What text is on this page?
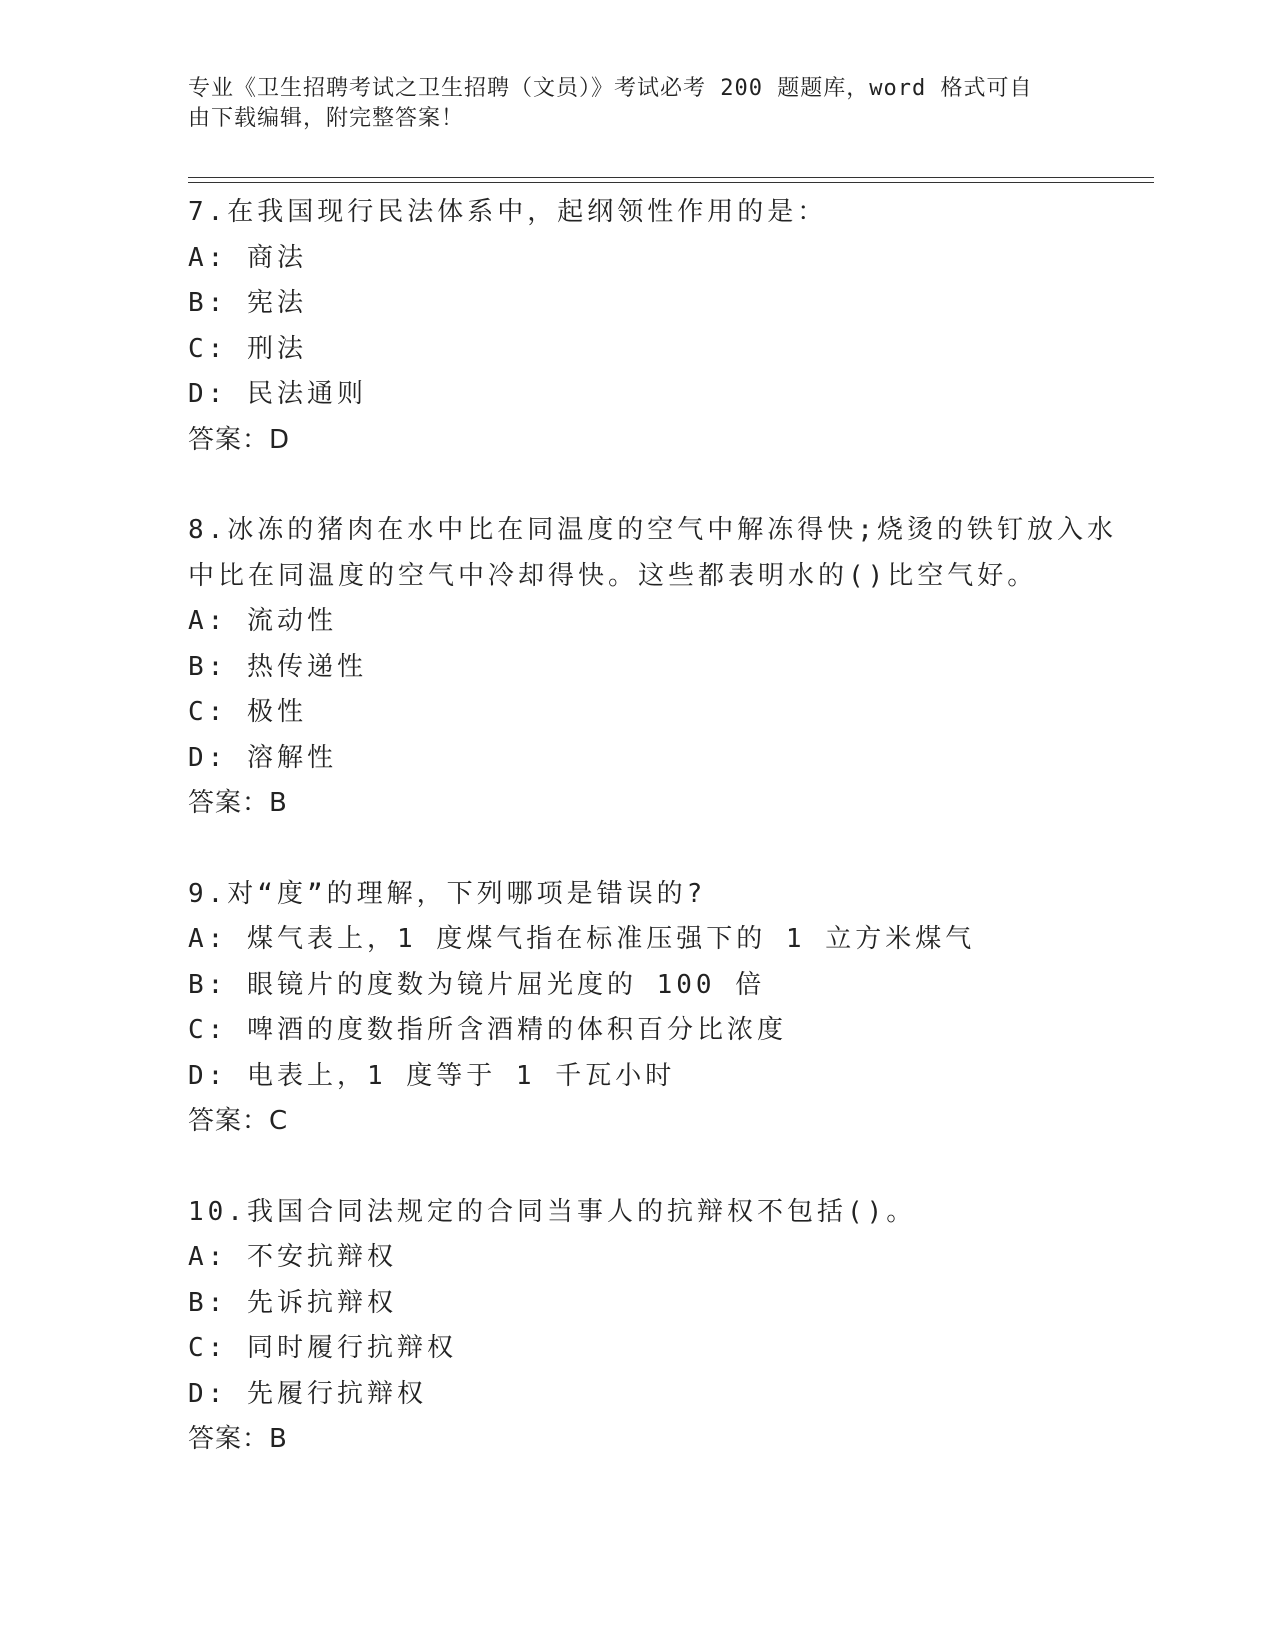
专业《卫生招聘考试之卫生招聘（文员）》考试必考 200 题题库，word 格式可自
由下载编辑，附完整答案！
7.在我国现行民法体系中，起纲领性作用的是：
A: 商法
B: 宪法
C: 刑法
D: 民法通则
答案：D
8.冰冻的猪肉在水中比在同温度的空气中解冻得快;烧烫的铁钉放入水
中比在同温度的空气中冷却得快。这些都表明水的()比空气好。
A: 流动性
B: 热传递性
C: 极性
D: 溶解性
答案：B
9.对“度”的理解，下列哪项是错误的?
A: 煤气表上，1 度煤气指在标准压强下的 1 立方米煤气
B: 眼镜片的度数为镜片屈光度的 100 倍
C: 啤酒的度数指所含酒精的体积百分比浓度
D: 电表上，1 度等于 1 千瓦小时
答案：C
10.我国合同法规定的合同当事人的抗辩权不包括()。
A: 不安抗辩权
B: 先诉抗辩权
C: 同时履行抗辩权
D: 先履行抗辩权
答案：B
